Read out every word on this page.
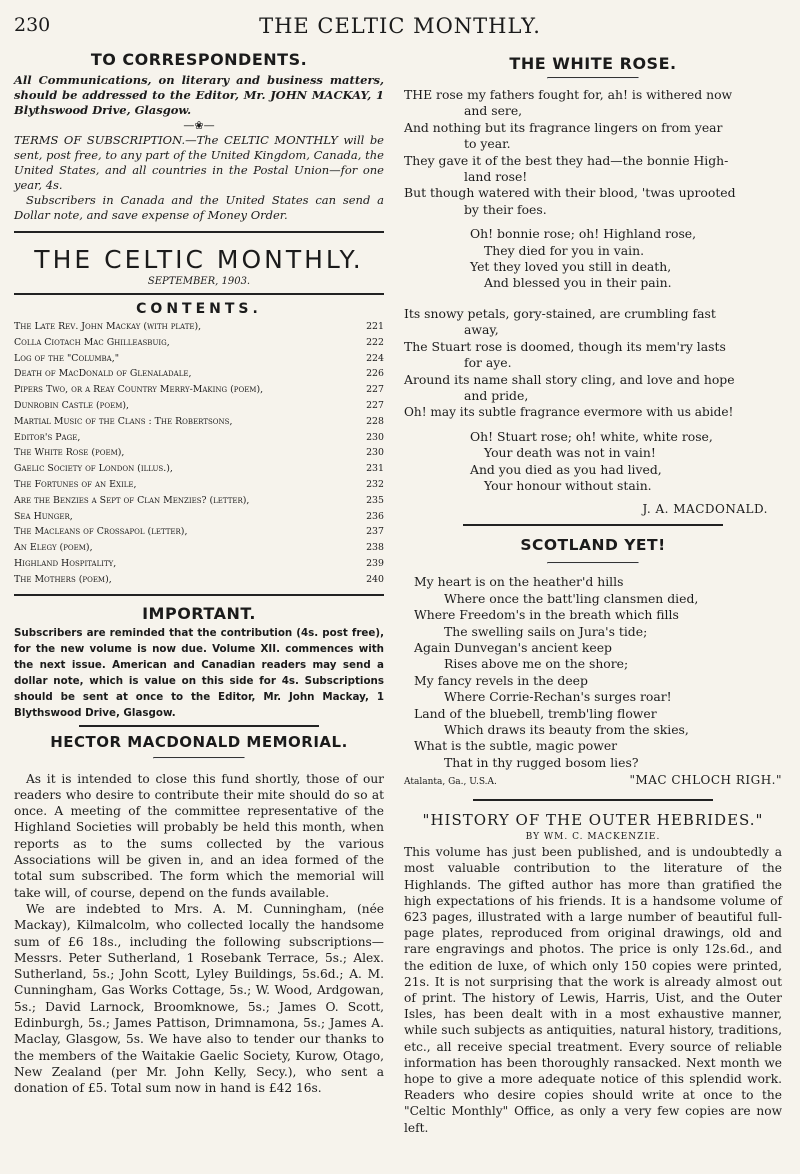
230	THE CELTIC MONTHLY.
TO CORRESPONDENTS.

All Communications, on literary and business matters, should be addressed to the Editor, Mr. JOHN MACKAY, 1 Blythswood Drive, Glasgow.

—❀—

TERMS OF SUBSCRIPTION.—The CELTIC MONTHLY will be sent, post free, to any part of the United Kingdom, Canada, the United States, and all countries in the Postal Union—for one year, 4s.

Subscribers in Canada and the United States can send a Dollar note, and save expense of Money Order.

THE CELTIC MONTHLY.
SEPTEMBER, 1903.
CONTENTS.
The Late Rev. John Mackay (with plate),	221
Colla Ciotach Mac Ghilleasbuig,	222
Log of the "Columba,"	224
Death of MacDonald of Glenaladale,	226
Pipers Two, or a Reay Country Merry-Making (poem),	227
Dunrobin Castle (poem),	227
Martial Music of the Clans : The Robertsons,	228
Editor's Page,	230
The White Rose (poem),	230
Gaelic Society of London (illus.),	231
The Fortunes of an Exile,	232
Are the Benzies a Sept of Clan Menzies? (letter),	235
Sea Hunger,	236
The Macleans of Crossapol (letter),	237
An Elegy (poem),	238
Highland Hospitality,	239
The Mothers (poem),	240
IMPORTANT.

Subscribers are reminded that the contribution (4s. post free), for the new volume is now due. Volume XII. commences with the next issue. American and Canadian readers may send a dollar note, which is value on this side for 4s. Subscriptions should be sent at once to the Editor, Mr. John Mackay, 1 Blythswood Drive, Glasgow.

HECTOR MACDONALD MEMORIAL.

As it is intended to close this fund shortly, those of our readers who desire to contribute their mite should do so at once. A meeting of the committee representative of the Highland Societies will probably be held this month, when reports as to the sums collected by the various Associations will be given in, and an idea formed of the total sum subscribed. The form which the memorial will take will, of course, depend on the funds available.

We are indebted to Mrs. A. M. Cunningham, (née Mackay), Kilmalcolm, who collected locally the handsome sum of £6 18s., including the following subscriptions—Messrs. Peter Sutherland, 1 Rosebank Terrace, 5s.; Alex. Sutherland, 5s.; John Scott, Lyley Buildings, 5s.6d.; A. M. Cunningham, Gas Works Cottage, 5s.; W. Wood, Ardgowan, 5s.; David Larnock, Broomknowe, 5s.; James O. Scott, Edinburgh, 5s.; James Pattison, Drimnamona, 5s.; James A. Maclay, Glasgow, 5s. We have also to tender our thanks to the members of the Waitakie Gaelic Society, Kurow, Otago, New Zealand (per Mr. John Kelly, Secy.), who sent a donation of £5. Total sum now in hand is £42 16s.

THE WHITE ROSE.
THE rose my fathers fought for, ah! is withered now
and sere,
And nothing but its fragrance lingers on from year
to year.
They gave it of the best they had—the bonnie High-
land rose!
But though watered with their blood, 'twas uprooted
by their foes.
Oh! bonnie rose; oh! Highland rose,
They died for you in vain.
Yet they loved you still in death,
And blessed you in their pain.
Its snowy petals, gory-stained, are crumbling fast
away,
The Stuart rose is doomed, though its mem'ry lasts
for aye.
Around its name shall story cling, and love and hope
and pride,
Oh! may its subtle fragrance evermore with us abide!
Oh! Stuart rose; oh! white, white rose,
Your death was not in vain!
And you died as you had lived,
Your honour without stain.
J. A. MACDONALD.
SCOTLAND YET!
My heart is on the heather'd hills
Where once the batt'ling clansmen died,
Where Freedom's in the breath which fills
The swelling sails on Jura's tide;
Again Dunvegan's ancient keep
Rises above me on the shore;
My fancy revels in the deep
Where Corrie-Rechan's surges roar!
Land of the bluebell, tremb'ling flower
Which draws its beauty from the skies,
What is the subtle, magic power
That in thy rugged bosom lies?
Atalanta, Ga., U.S.A.	"MAC CHLOCH RIGH."
"HISTORY OF THE OUTER HEBRIDES."
BY WM. C. MACKENZIE.

This volume has just been published, and is undoubtedly a most valuable contribution to the literature of the Highlands. The gifted author has more than gratified the high expectations of his friends. It is a handsome volume of 623 pages, illustrated with a large number of beautiful full-page plates, reproduced from original drawings, old and rare engravings and photos. The price is only 12s.6d., and the edition de luxe, of which only 150 copies were printed, 21s. It is not surprising that the work is already almost out of print. The history of Lewis, Harris, Uist, and the Outer Isles, has been dealt with in a most exhaustive manner, while such subjects as antiquities, natural history, traditions, etc., all receive special treatment. Every source of reliable information has been thoroughly ransacked. Next month we hope to give a more adequate notice of this splendid work. Readers who desire copies should write at once to the "Celtic Monthly" Office, as only a very few copies are now left.
